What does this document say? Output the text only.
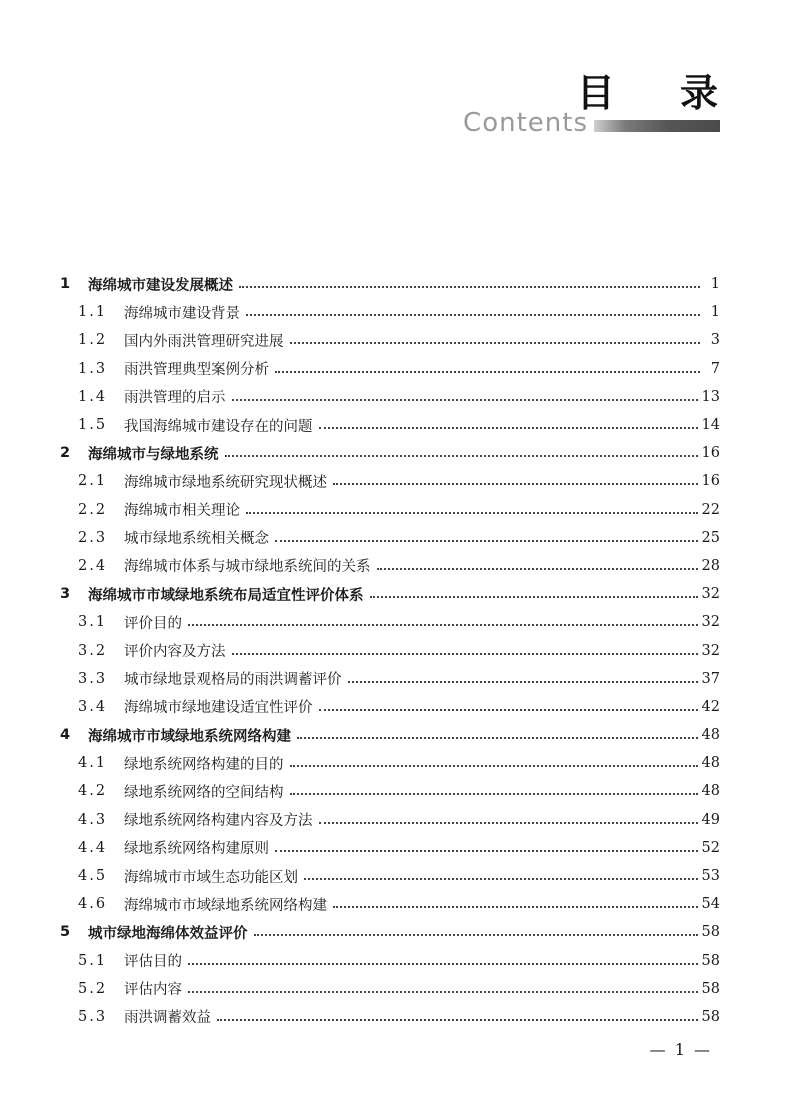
目 录
Contents
1	海绵城市建设发展概述	1
1.1	海绵城市建设背景	1
1.2	国内外雨洪管理研究进展	3
1.3	雨洪管理典型案例分析	7
1.4	雨洪管理的启示	13
1.5	我国海绵城市建设存在的问题	14
2	海绵城市与绿地系统	16
2.1	海绵城市绿地系统研究现状概述	16
2.2	海绵城市相关理论	22
2.3	城市绿地系统相关概念	25
2.4	海绵城市体系与城市绿地系统间的关系	28
3	海绵城市市域绿地系统布局适宜性评价体系	32
3.1	评价目的	32
3.2	评价内容及方法	32
3.3	城市绿地景观格局的雨洪调蓄评价	37
3.4	海绵城市绿地建设适宜性评价	42
4	海绵城市市域绿地系统网络构建	48
4.1	绿地系统网络构建的目的	48
4.2	绿地系统网络的空间结构	48
4.3	绿地系统网络构建内容及方法	49
4.4	绿地系统网络构建原则	52
4.5	海绵城市市域生态功能区划	53
4.6	海绵城市市域绿地系统网络构建	54
5	城市绿地海绵体效益评价	58
5.1	评估目的	58
5.2	评估内容	58
5.3	雨洪调蓄效益	58
— 1 —
